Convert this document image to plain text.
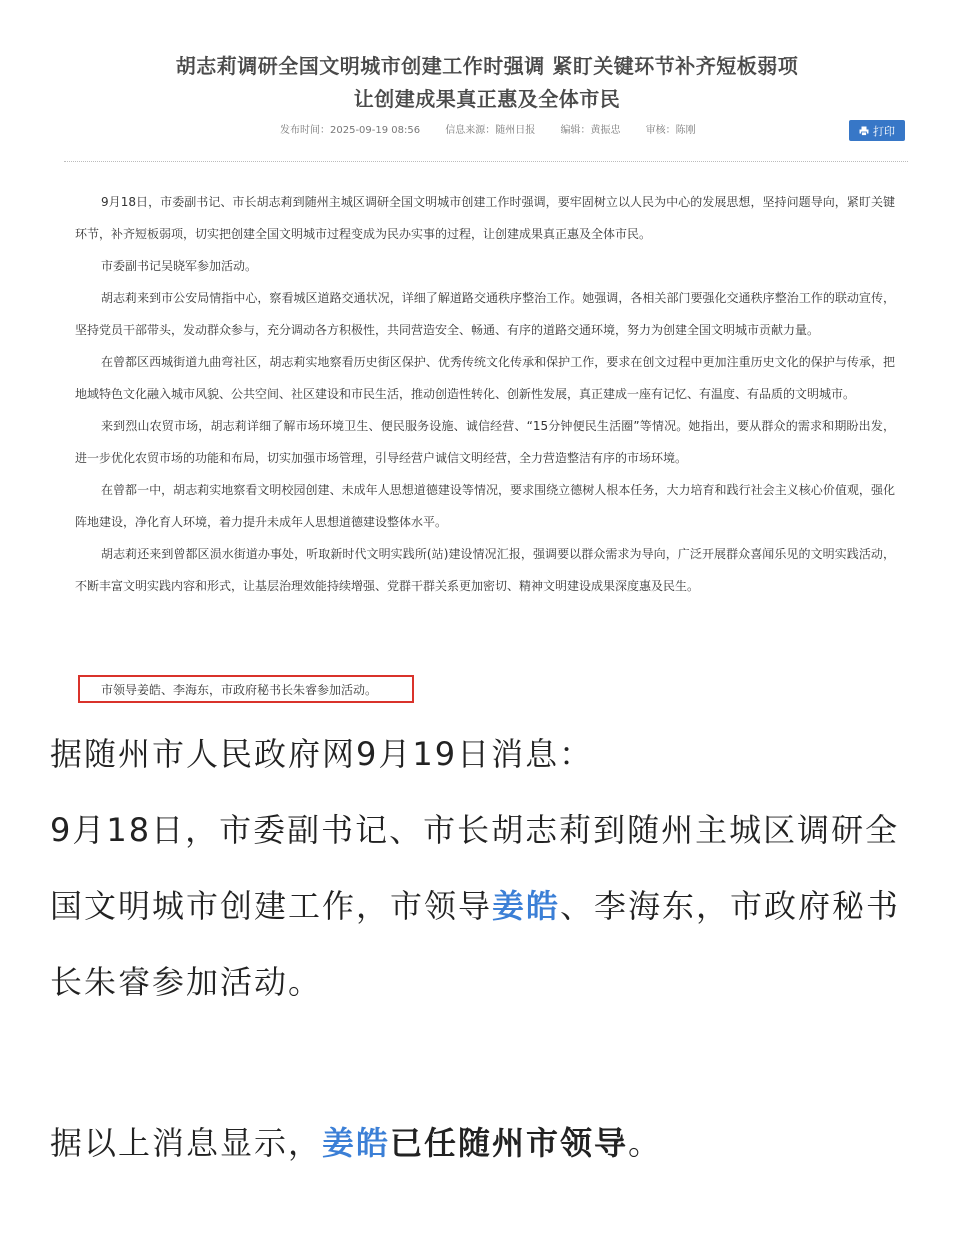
胡志莉调研全国文明城市创建工作时强调 紧盯关键环节补齐短板弱项
让创建成果真正惠及全体市民
发布时间：2025-09-19 08:56	信息来源：随州日报	编辑：黄振忠	审核：陈刚	打印

9月18日，市委副书记、市长胡志莉到随州主城区调研全国文明城市创建工作时强调，要牢固树立以人民为中心的发展思想，坚持问题导向，紧盯关键环节，补齐短板弱项，切实把创建全国文明城市过程变成为民办实事的过程，让创建成果真正惠及全体市民。

市委副书记吴晓军参加活动。

胡志莉来到市公安局情指中心，察看城区道路交通状况，详细了解道路交通秩序整治工作。她强调，各相关部门要强化交通秩序整治工作的联动宣传，坚持党员干部带头，发动群众参与，充分调动各方积极性，共同营造安全、畅通、有序的道路交通环境，努力为创建全国文明城市贡献力量。

在曾都区西城街道九曲弯社区，胡志莉实地察看历史街区保护、优秀传统文化传承和保护工作，要求在创文过程中更加注重历史文化的保护与传承，把地域特色文化融入城市风貌、公共空间、社区建设和市民生活，推动创造性转化、创新性发展，真正建成一座有记忆、有温度、有品质的文明城市。

来到烈山农贸市场，胡志莉详细了解市场环境卫生、便民服务设施、诚信经营、“15分钟便民生活圈”等情况。她指出，要从群众的需求和期盼出发，进一步优化农贸市场的功能和布局，切实加强市场管理，引导经营户诚信文明经营，全力营造整洁有序的市场环境。

在曾都一中，胡志莉实地察看文明校园创建、未成年人思想道德建设等情况，要求围绕立德树人根本任务，大力培育和践行社会主义核心价值观，强化阵地建设，净化育人环境，着力提升未成年人思想道德建设整体水平。

胡志莉还来到曾都区涢水街道办事处，听取新时代文明实践所(站)建设情况汇报，强调要以群众需求为导向，广泛开展群众喜闻乐见的文明实践活动，不断丰富文明实践内容和形式，让基层治理效能持续增强、党群干群关系更加密切、精神文明建设成果深度惠及民生。

市领导姜皓、李海东，市政府秘书长朱睿参加活动。

据随州市人民政府网9月19日消息：
9月18日，市委副书记、市长胡志莉到随州主城区调研全国文明城市创建工作，市领导姜皓、李海东，市政府秘书长朱睿参加活动。
据以上消息显示，姜皓已任随州市领导。
